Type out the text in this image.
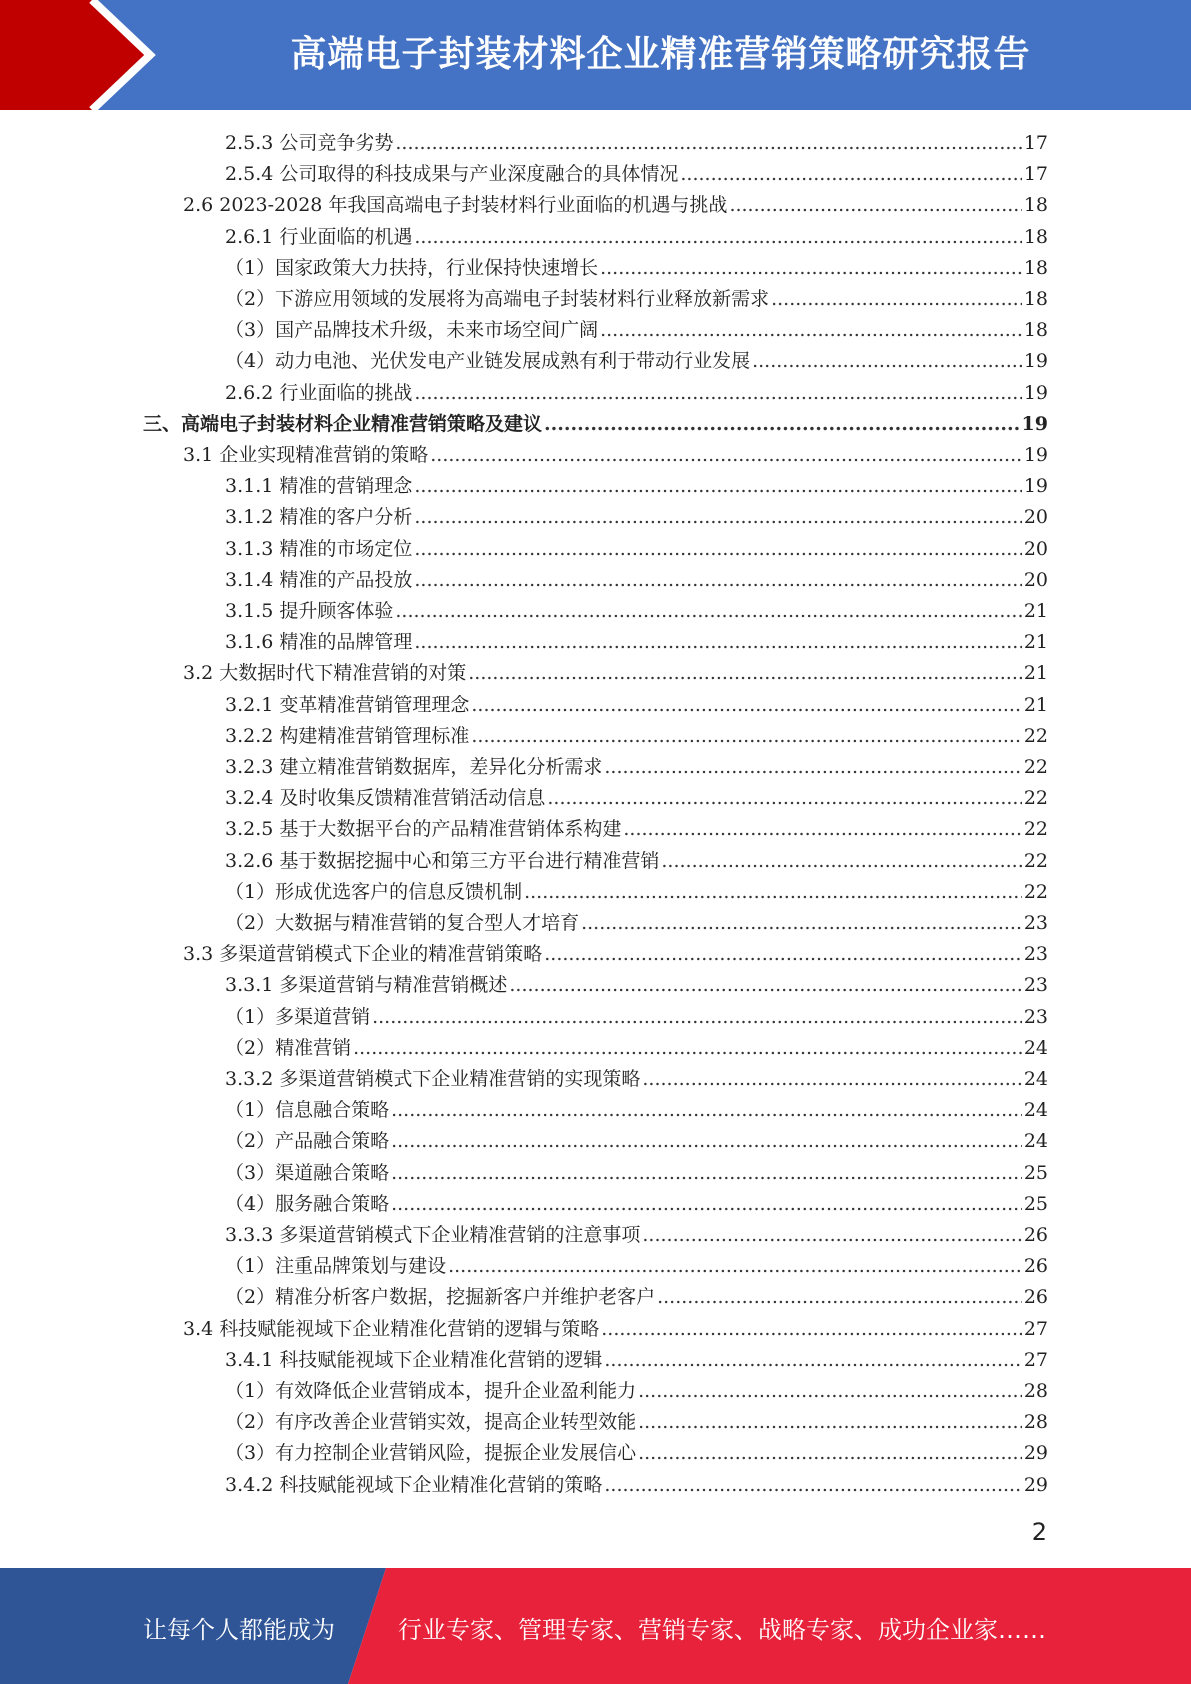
高端电子封装材料企业精准营销策略研究报告
2.5.3 公司竞争劣势 .....	17
2.5.4 公司取得的科技成果与产业深度融合的具体情况 .....	17
2.6 2023-2028 年我国高端电子封装材料行业面临的机遇与挑战 .....	18
2.6.1 行业面临的机遇 .....	18
（1）国家政策大力扶持，行业保持快速增长 .....	18
（2）下游应用领域的发展将为高端电子封装材料行业释放新需求 .....	18
（3）国产品牌技术升级，未来市场空间广阔 .....	18
（4）动力电池、光伏发电产业链发展成熟有利于带动行业发展 .....	19
2.6.2 行业面临的挑战 .....	19
三、高端电子封装材料企业精准营销策略及建议 .....	19
3.1 企业实现精准营销的策略 .....	19
3.1.1 精准的营销理念 .....	19
3.1.2 精准的客户分析 .....	20
3.1.3 精准的市场定位 .....	20
3.1.4 精准的产品投放 .....	20
3.1.5 提升顾客体验 .....	21
3.1.6 精准的品牌管理 .....	21
3.2 大数据时代下精准营销的对策 .....	21
3.2.1 变革精准营销管理理念 .....	21
3.2.2 构建精准营销管理标准 .....	22
3.2.3 建立精准营销数据库，差异化分析需求 .....	22
3.2.4 及时收集反馈精准营销活动信息 .....	22
3.2.5 基于大数据平台的产品精准营销体系构建 .....	22
3.2.6 基于数据挖掘中心和第三方平台进行精准营销 .....	22
（1）形成优选客户的信息反馈机制 .....	22
（2）大数据与精准营销的复合型人才培育 .....	23
3.3 多渠道营销模式下企业的精准营销策略 .....	23
3.3.1 多渠道营销与精准营销概述 .....	23
（1）多渠道营销 .....	23
（2）精准营销 .....	24
3.3.2 多渠道营销模式下企业精准营销的实现策略 .....	24
（1）信息融合策略 .....	24
（2）产品融合策略 .....	24
（3）渠道融合策略 .....	25
（4）服务融合策略 .....	25
3.3.3 多渠道营销模式下企业精准营销的注意事项 .....	26
（1）注重品牌策划与建设 .....	26
（2）精准分析客户数据，挖掘新客户并维护老客户 .....	26
3.4 科技赋能视域下企业精准化营销的逻辑与策略 .....	27
3.4.1 科技赋能视域下企业精准化营销的逻辑 .....	27
（1）有效降低企业营销成本，提升企业盈利能力 .....	28
（2）有序改善企业营销实效，提高企业转型效能 .....	28
（3）有力控制企业营销风险，提振企业发展信心 .....	29
3.4.2 科技赋能视域下企业精准化营销的策略 .....	29
2
让每个人都能成为	行业专家、管理专家、营销专家、战略专家、成功企业家……
